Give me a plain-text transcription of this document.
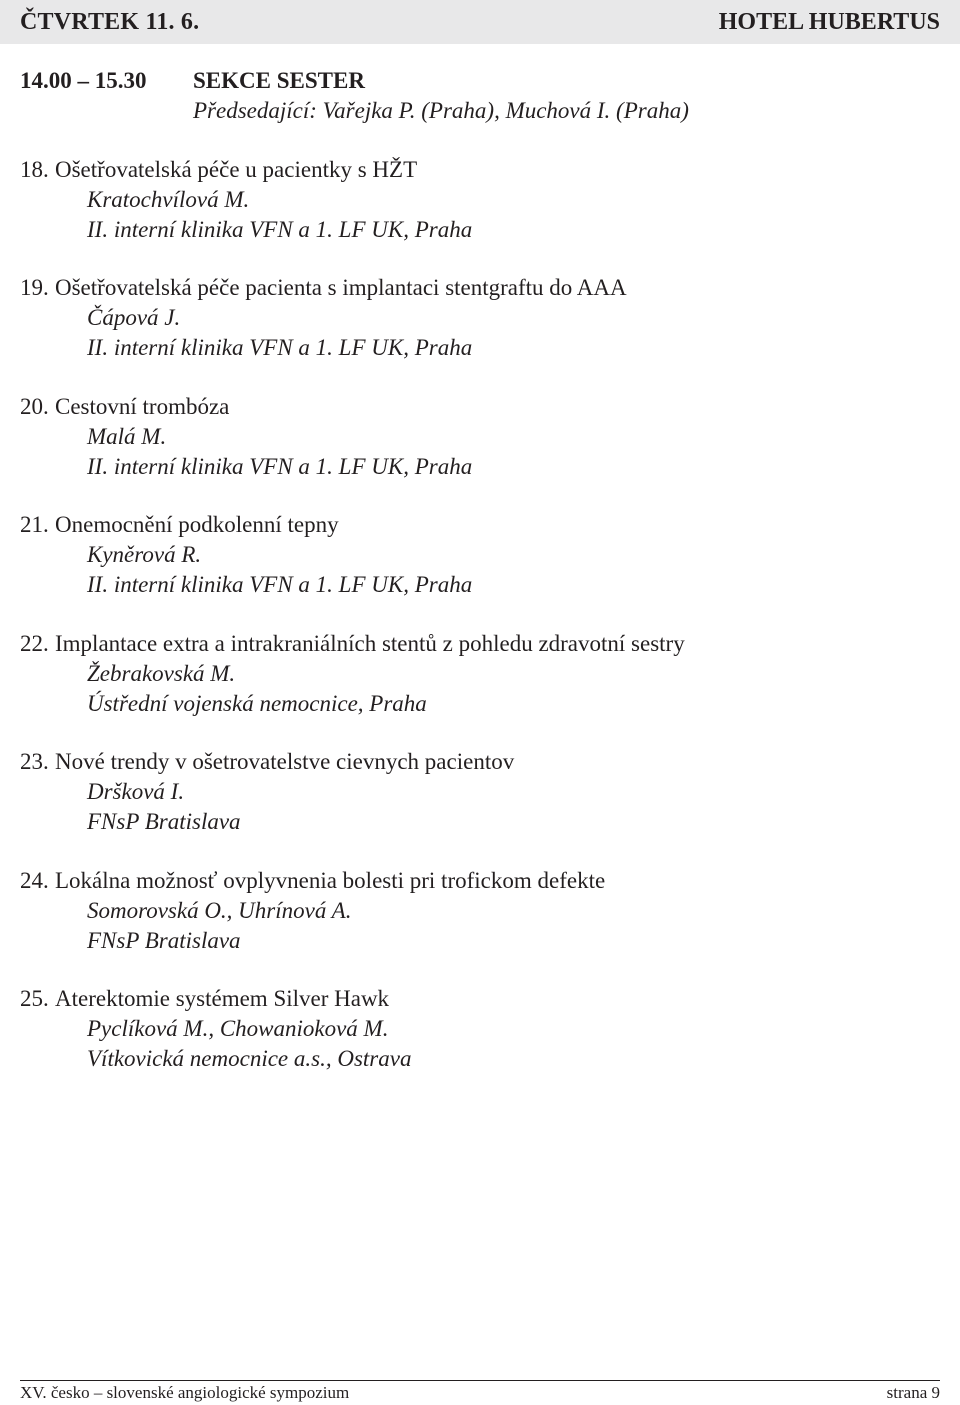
ČTVRTEK 11. 6.	HOTEL HUBERTUS
14.00 – 15.30 SEKCE SESTER
Předsedající: Vařejka P. (Praha), Muchová I. (Praha)
18. Ošetřovatelská péče u pacientky s HŽT
Kratochvílová M.
II. interní klinika VFN a 1. LF UK, Praha
19. Ošetřovatelská péče pacienta s implantaci stentgraftu do AAA
Čápová J.
II. interní klinika VFN a 1. LF UK, Praha
20. Cestovní trombóza
Malá M.
II. interní klinika VFN a 1. LF UK, Praha
21. Onemocnění podkolenní tepny
Kyněrová R.
II. interní klinika VFN a 1. LF UK, Praha
22. Implantace extra a intrakraniálních stentů z pohledu zdravotní sestry
Žebrakovská M.
Ústřední vojenská nemocnice, Praha
23. Nové trendy v ošetrovatelstve cievnych pacientov
Dršková I.
FNsP Bratislava
24. Lokálna možnosť ovplyvnenia bolesti pri trofickom defekte
Somorovská O., Uhrínová A.
FNsP Bratislava
25. Aterektomie systémem Silver Hawk
Pyclíková M., Chowanioková M.
Vítkovická nemocnice a.s., Ostrava
XV. česko – slovenské angiologické sympozium	strana 9
